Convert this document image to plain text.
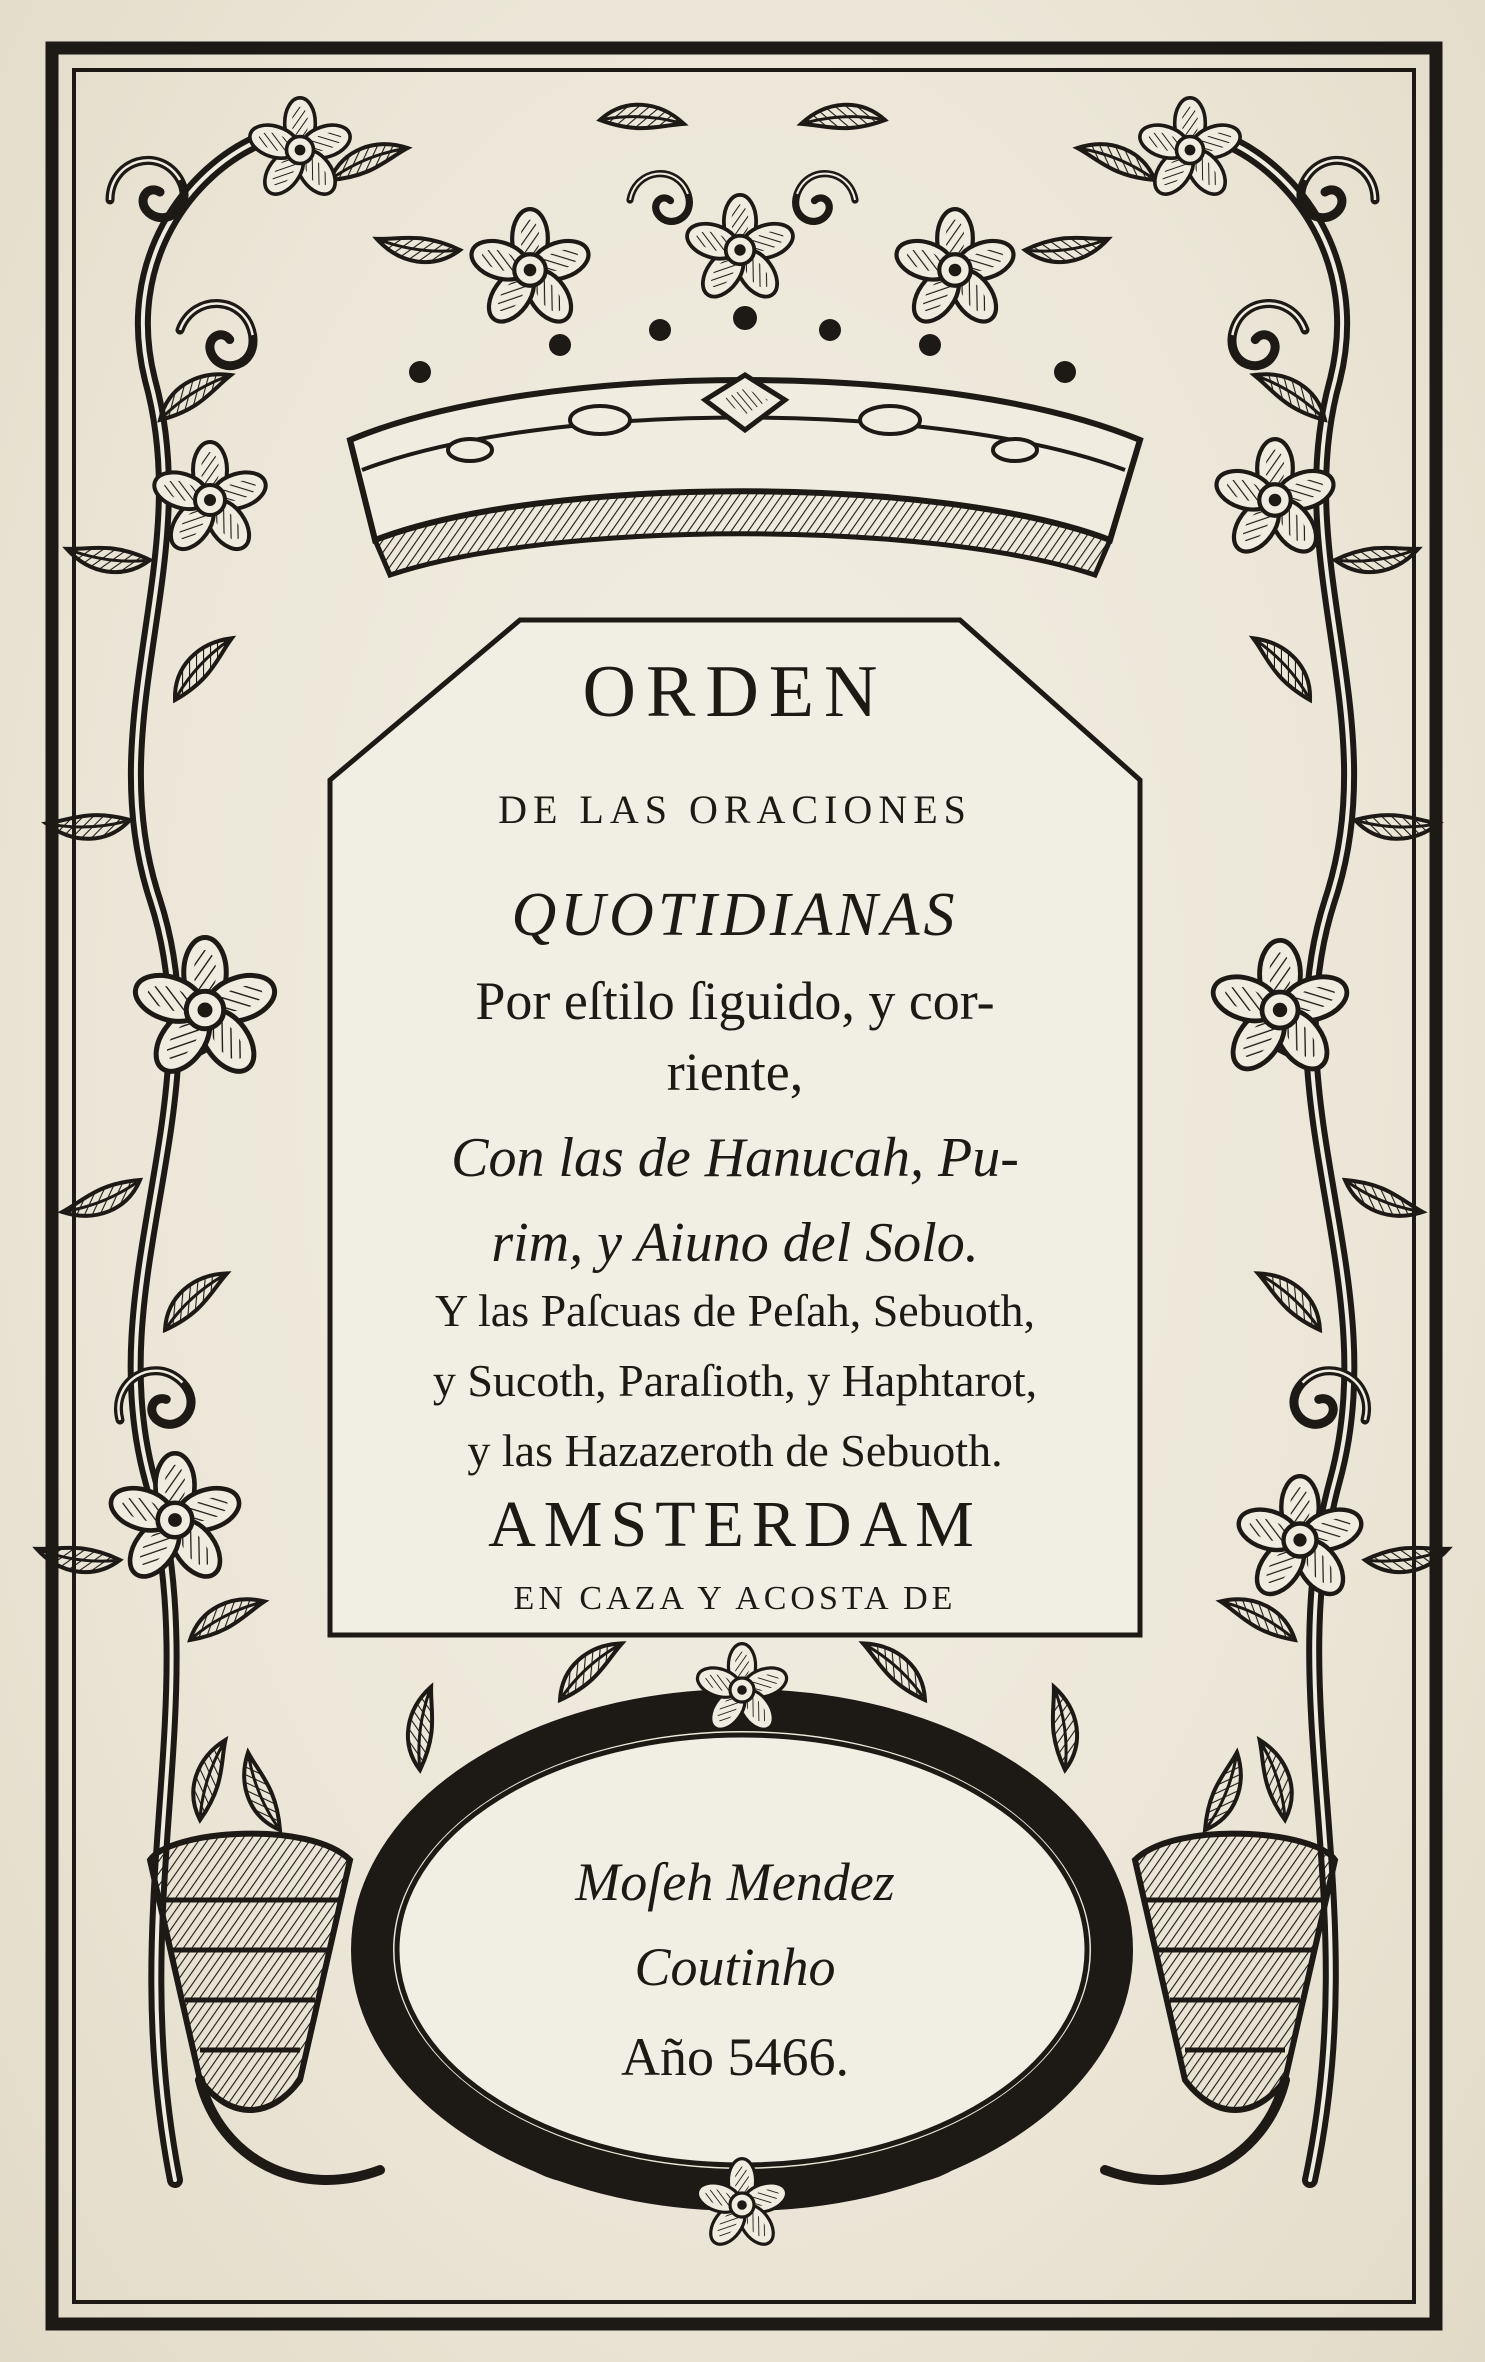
ORDEN
DE LAS ORACIONES
QUOTIDIANAS
Por eſtilo ſiguido, y cor-
riente,
Con las de Hanucah, Pu-
rim, y Aiuno del Solo.
Y las Paſcuas de Peſah, Sebuoth,
y Sucoth, Paraſioth, y Haphtarot,
y las Hazazeroth de Sebuoth.
AMSTERDAM
EN CAZA Y ACOSTA DE
Moſeh Mendez
Coutinho
Año 5466.
